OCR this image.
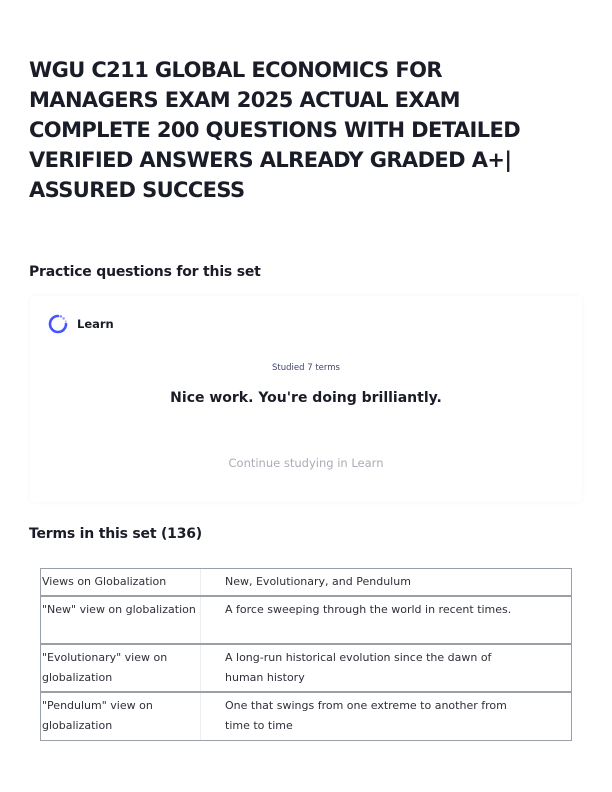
WGU C211 GLOBAL ECONOMICS FOR MANAGERS EXAM 2025 ACTUAL EXAM COMPLETE 200 QUESTIONS WITH DETAILED VERIFIED ANSWERS ALREADY GRADED A+| ASSURED SUCCESS
Practice questions for this set
Learn
Studied 7 terms
Nice work. You're doing brilliantly.
Continue studying in Learn
Terms in this set (136)
Views on Globalization	New, Evolutionary, and Pendulum
"New" view on globalization	A force sweeping through the world in recent times.
"Evolutionary" view on globalization
A long-run historical evolution since the dawn of human history
"Pendulum" view on globalization
One that swings from one extreme to another from time to time
